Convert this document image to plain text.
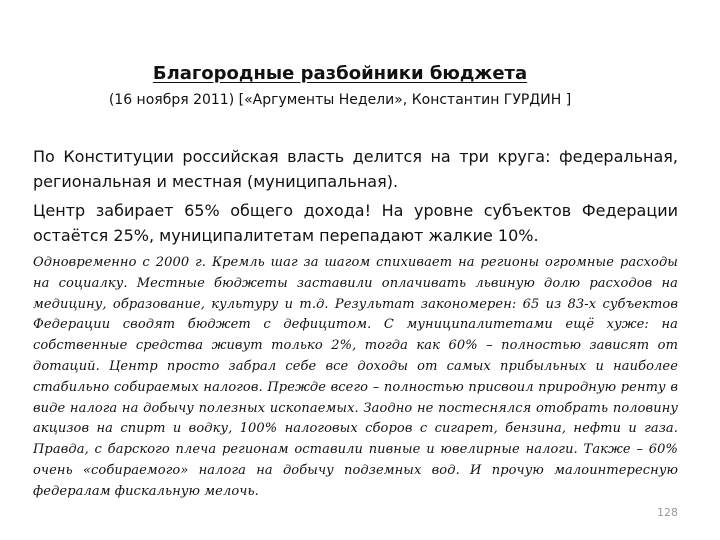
Благородные разбойники бюджета
(16 ноября 2011) [«Аргументы Недели», Константин ГУРДИН ]

По Конституции российская власть делится на три круга: федеральная, региональная и местная (муниципальная).

Центр забирает 65% общего дохода! На уровне субъектов Федерации остаётся 25%, муниципалитетам перепадают жалкие 10%.

Одновременно с 2000 г. Кремль шаг за шагом спихивает на регионы огромные расходы на социалку. Местные бюджеты заставили оплачивать львиную долю расходов на медицину, образование, культуру и т.д. Результат закономерен: 65 из 83-х субъектов Федерации сводят бюджет с дефицитом. С муниципалитетами ещё хуже: на собственные средства живут только 2%, тогда как 60% – полностью зависят от дотаций. Центр просто забрал себе все доходы от самых прибыльных и наиболее стабильно собираемых налогов. Прежде всего – полностью присвоил природную ренту в виде налога на добычу полезных ископаемых. Заодно не постеснялся отобрать половину акцизов на спирт и водку, 100% налоговых сборов с сигарет, бензина, нефти и газа. Правда, с барского плеча регионам оставили пивные и ювелирные налоги. Также – 60% очень «собираемого» налога на добычу подземных вод. И прочую малоинтересную федералам фискальную мелочь.

128
